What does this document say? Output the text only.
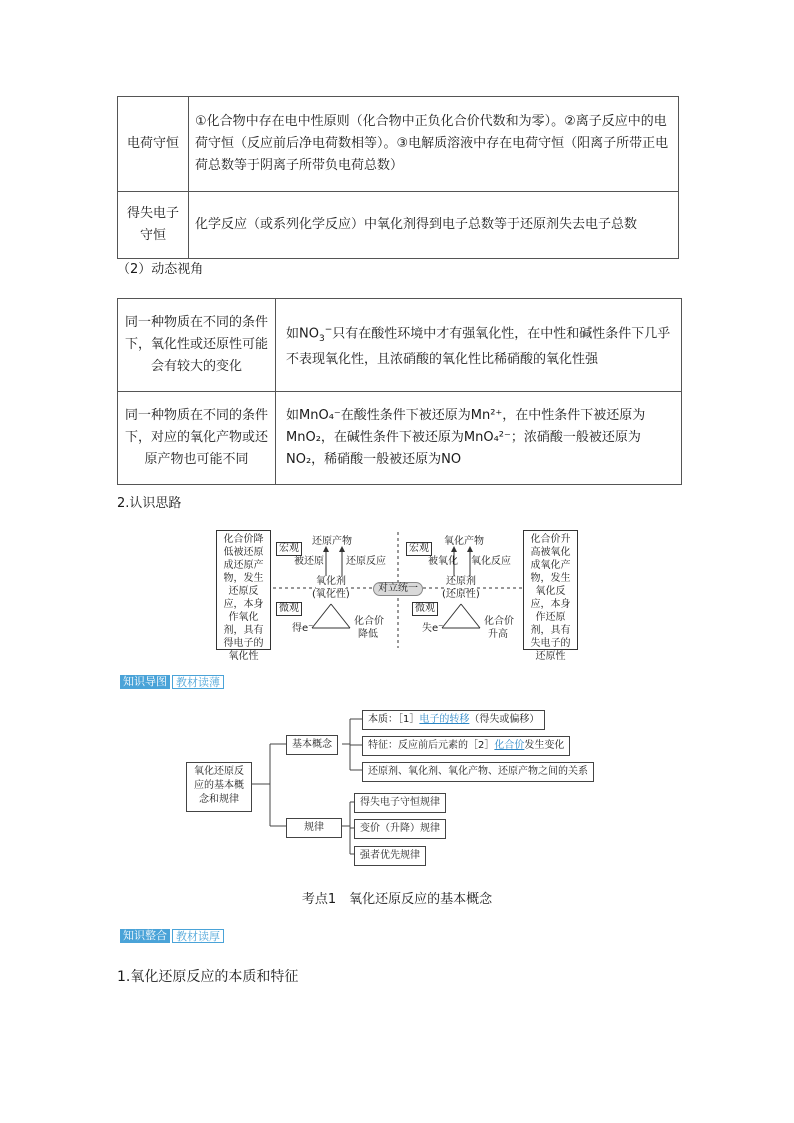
电荷守恒	①化合物中存在电中性原则（化合物中正负化合价代数和为零）。②离子反应中的电荷守恒（反应前后净电荷数相等）。③电解质溶液中存在电荷守恒（阳离子所带正电荷总数等于阴离子所带负电荷总数）
得失电子守恒	化学反应（或系列化学反应）中氧化剂得到电子总数等于还原剂失去电子总数
（2）动态视角
同一种物质在不同的条件下，氧化性或还原性可能会有较大的变化	如$NO_3^-$只有在酸性环境中才有强氧化性，在中性和碱性条件下几乎不表现氧化性，且浓硝酸的氧化性比稀硝酸的氧化性强
同一种物质在不同的条件下，对应的氧化产物或还原产物也可能不同	如MnO₄⁻在酸性条件下被还原为Mn²⁺，在中性条件下被还原为MnO₂，在碱性条件下被还原为MnO₄²⁻；浓硝酸一般被还原为NO₂，稀硝酸一般被还原为NO
2.认识思路
化合价降低被还原成还原产物，发生还原反应，本身作氧化剂，具有得电子的氧化性
化合价升高被氧化成氧化产物，发生氧化反应，本身作还原剂，具有失电子的还原性
宏观
还原产物
被还原 还原反应
氧化剂
(氧化性)
微观
得e⁻
化合价
降低
对立统一
宏观
氧化产物
被氧化 氧化反应
还原剂
(还原性)
微观
失e⁻
化合价
升高
知识导图 教材读薄
氧化还原反应的基本概念和规律
基本概念
规律
本质：［1］电子的转移（得失或偏移）
特征：反应前后元素的［2］化合价发生变化
还原剂、氧化剂、氧化产物、还原产物之间的关系
得失电子守恒规律
变价（升降）规律
强者优先规律
考点1　氧化还原反应的基本概念
知识整合 教材读厚
1.氧化还原反应的本质和特征
